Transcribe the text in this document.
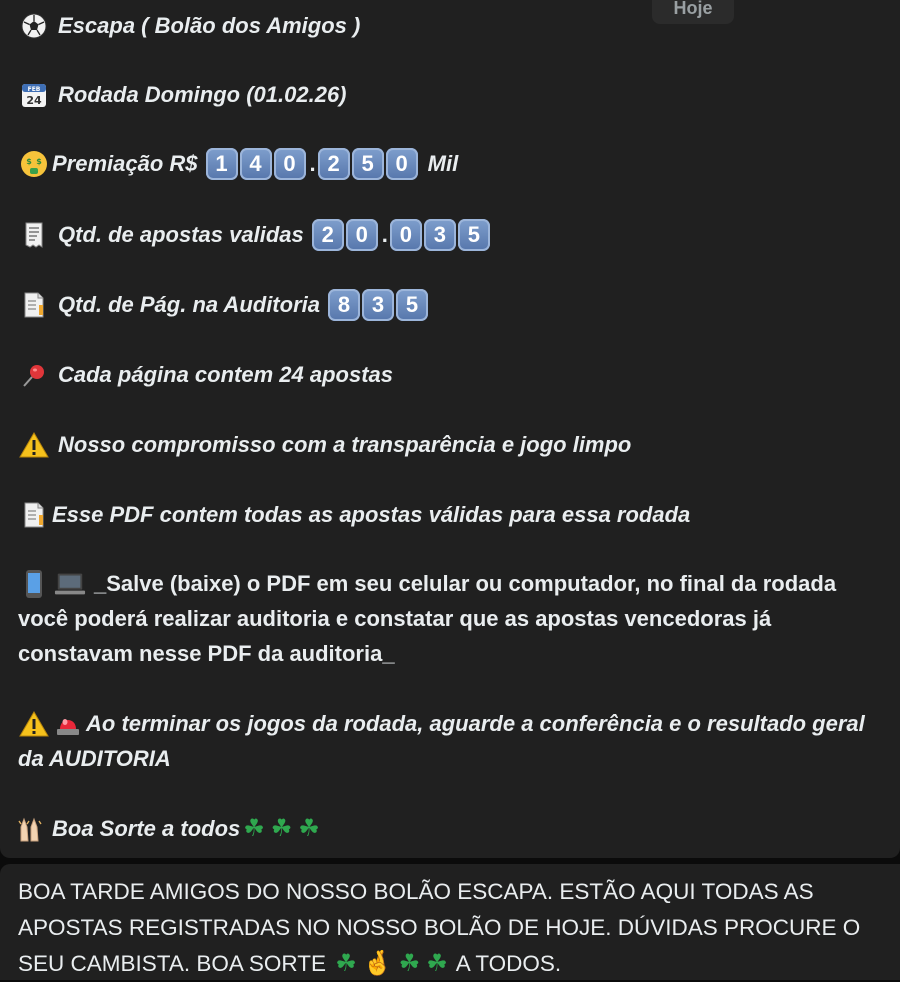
Hoje
Escapa ( Bolão dos Amigos )
FEB
24 Rodada Domingo (01.02.26)
$ $ Premiação R$ 1 4 0 . 2 5 0 Mil
Qtd. de apostas validas 2 0 . 0 3 5
Qtd. de Pág. na Auditoria 8 3 5
Cada página contem 24 apostas
Nosso compromisso com a transparência e jogo limpo
Esse PDF contem todas as apostas válidas para essa rodada
_Salve (baixe) o PDF em seu celular ou computador, no final da rodada você poderá realizar auditoria e constatar que as apostas vencedoras já constavam nesse PDF da auditoria_
Ao terminar os jogos da rodada, aguarde a conferência e o resultado geral da AUDITORIA
Boa Sorte a todos ☘ ☘ ☘
BOA TARDE AMIGOS DO NOSSO BOLÃO ESCAPA. ESTÃO AQUI TODAS AS APOSTAS REGISTRADAS NO NOSSO BOLÃO DE HOJE. DÚVIDAS PROCURE O SEU CAMBISTA. BOA SORTE ☘ 🤞 ☘ ☘ A TODOS.
